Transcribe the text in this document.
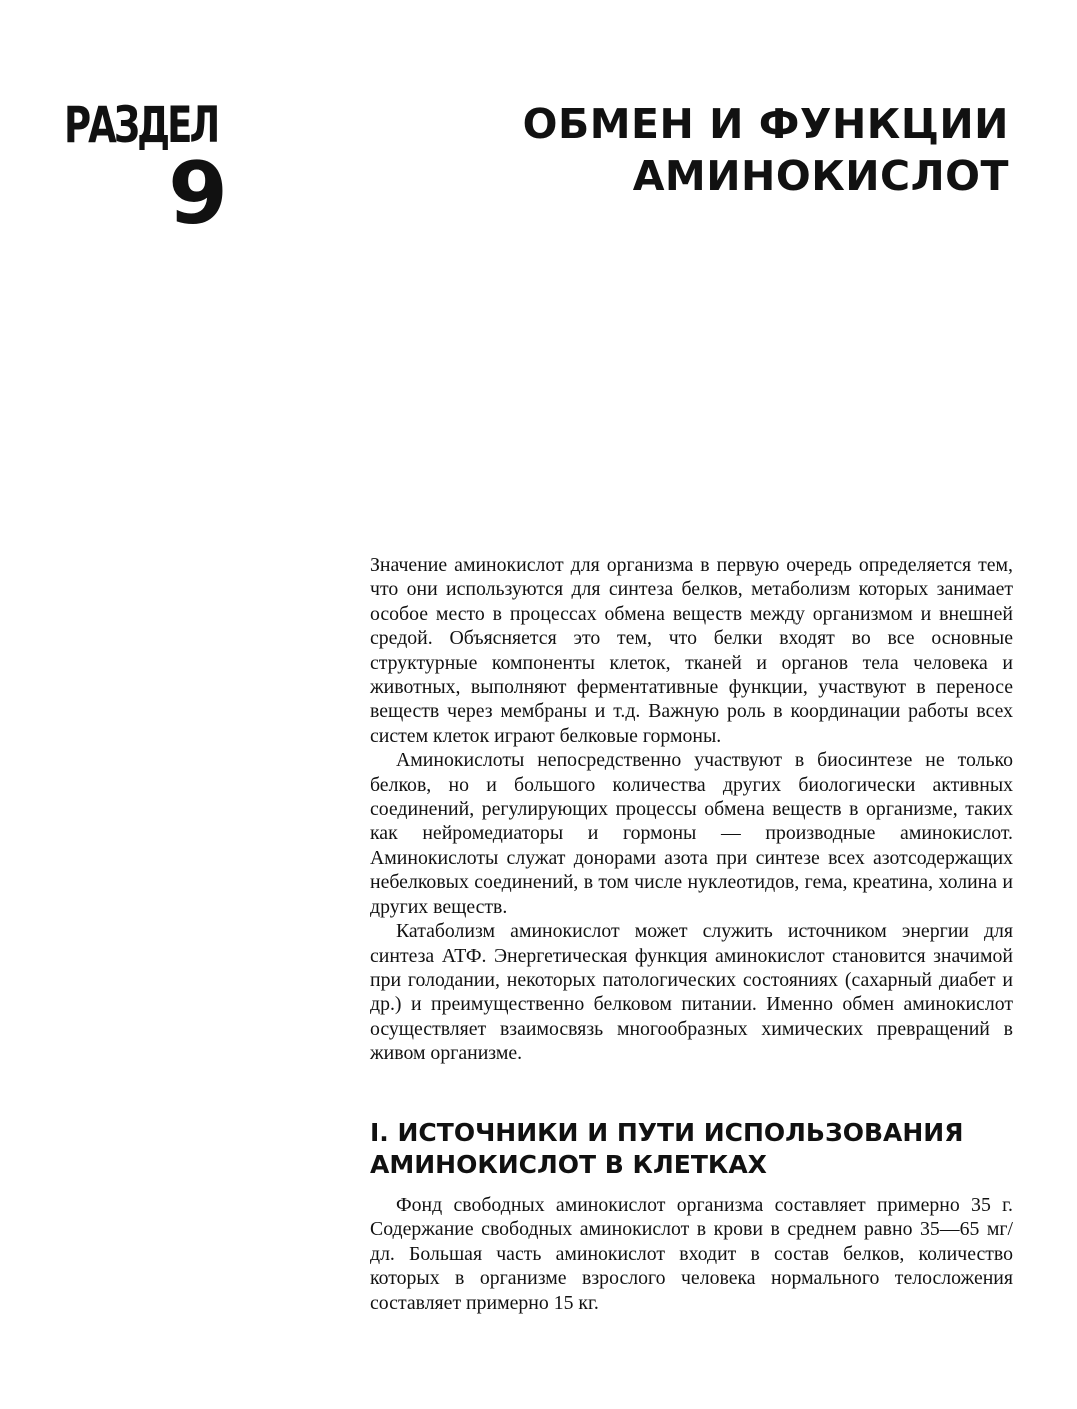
РАЗДЕЛ
9
ОБМЕН И ФУНКЦИИ
АМИНОКИСЛОТ

Значение аминокислот для организма в первую очередь определяется тем, что они используются для синтеза белков, метаболизм которых занимает особое место в процессах обмена веществ между организмом и внешней средой. Объясняется это тем, что белки входят во все основные структурные компоненты клеток, тканей и органов тела человека и животных, выполняют ферментативные функции, участвуют в переносе веществ через мембраны и т.д. Важную роль в координации работы всех систем клеток играют белковые гормоны.

Аминокислоты непосредственно участвуют в биосинтезе не только белков, но и большого количества других биологически активных соединений, регулирующих процессы обмена веществ в организме, таких как нейромедиаторы и гормоны — производные аминокислот. Аминокислоты служат донорами азота при синтезе всех азотсодержащих небелковых соединений, в том числе нуклеотидов, гема, креатина, холина и других веществ.

Катаболизм аминокислот может служить источником энергии для синтеза АТФ. Энергетическая функция аминокислот становится значимой при голодании, некоторых патологических состояниях (сахарный диабет и др.) и преимущественно белковом питании. Именно обмен аминокислот осуществляет взаимосвязь многообразных химических превращений в живом организме.

I. ИСТОЧНИКИ И ПУТИ ИСПОЛЬЗОВАНИЯ
АМИНОКИСЛОТ В КЛЕТКАХ

Фонд свободных аминокислот организма составляет примерно 35 г. Содержание свободных аминокислот в крови в среднем равно 35—65 мг/дл. Большая часть аминокислот входит в состав белков, количество которых в организме взрослого человека нормального телосложения составляет примерно 15 кг.
